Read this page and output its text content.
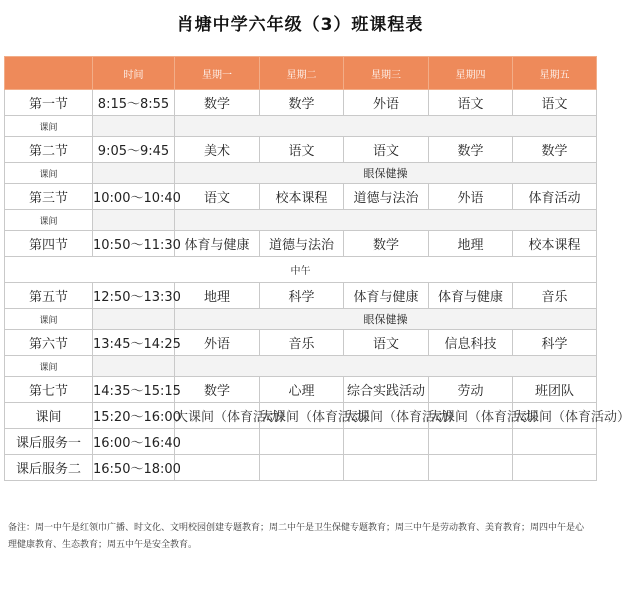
肖塘中学六年级（3）班课程表
	时间	星期一	星期二	星期三	星期四	星期五
第一节	8:15～8:55	数学	数学	外语	语文	语文
课间						
第二节	9:05～9:45	美术	语文	语文	数学	数学
课间		眼保健操				
第三节	10:00～10:40	语文	校本课程	道德与法治	外语	体育活动
课间						
第四节	10:50～11:30	体育与健康	道德与法治	数学	地理	校本课程
中午						
第五节	12:50～13:30	地理	科学	体育与健康	体育与健康	音乐
课间		眼保健操				
第六节	13:45～14:25	外语	音乐	语文	信息科技	科学
课间						
第七节	14:35～15:15	数学	心理	综合实践活动	劳动	班团队
课间	15:20～16:00	大课间（体育活动）	大课间（体育活动）	大课间（体育活动）	大课间（体育活动）	大课间（体育活动）
课后服务一	16:00～16:40					
课后服务二	16:50～18:00					
备注：周一中午是红领巾广播、时文化、文明校园创建专题教育；周二中午是卫生保健专题教育；周三中午是劳动教育、美育教育；周四中午是心理健康教育、生态教育；周五中午是安全教育。
